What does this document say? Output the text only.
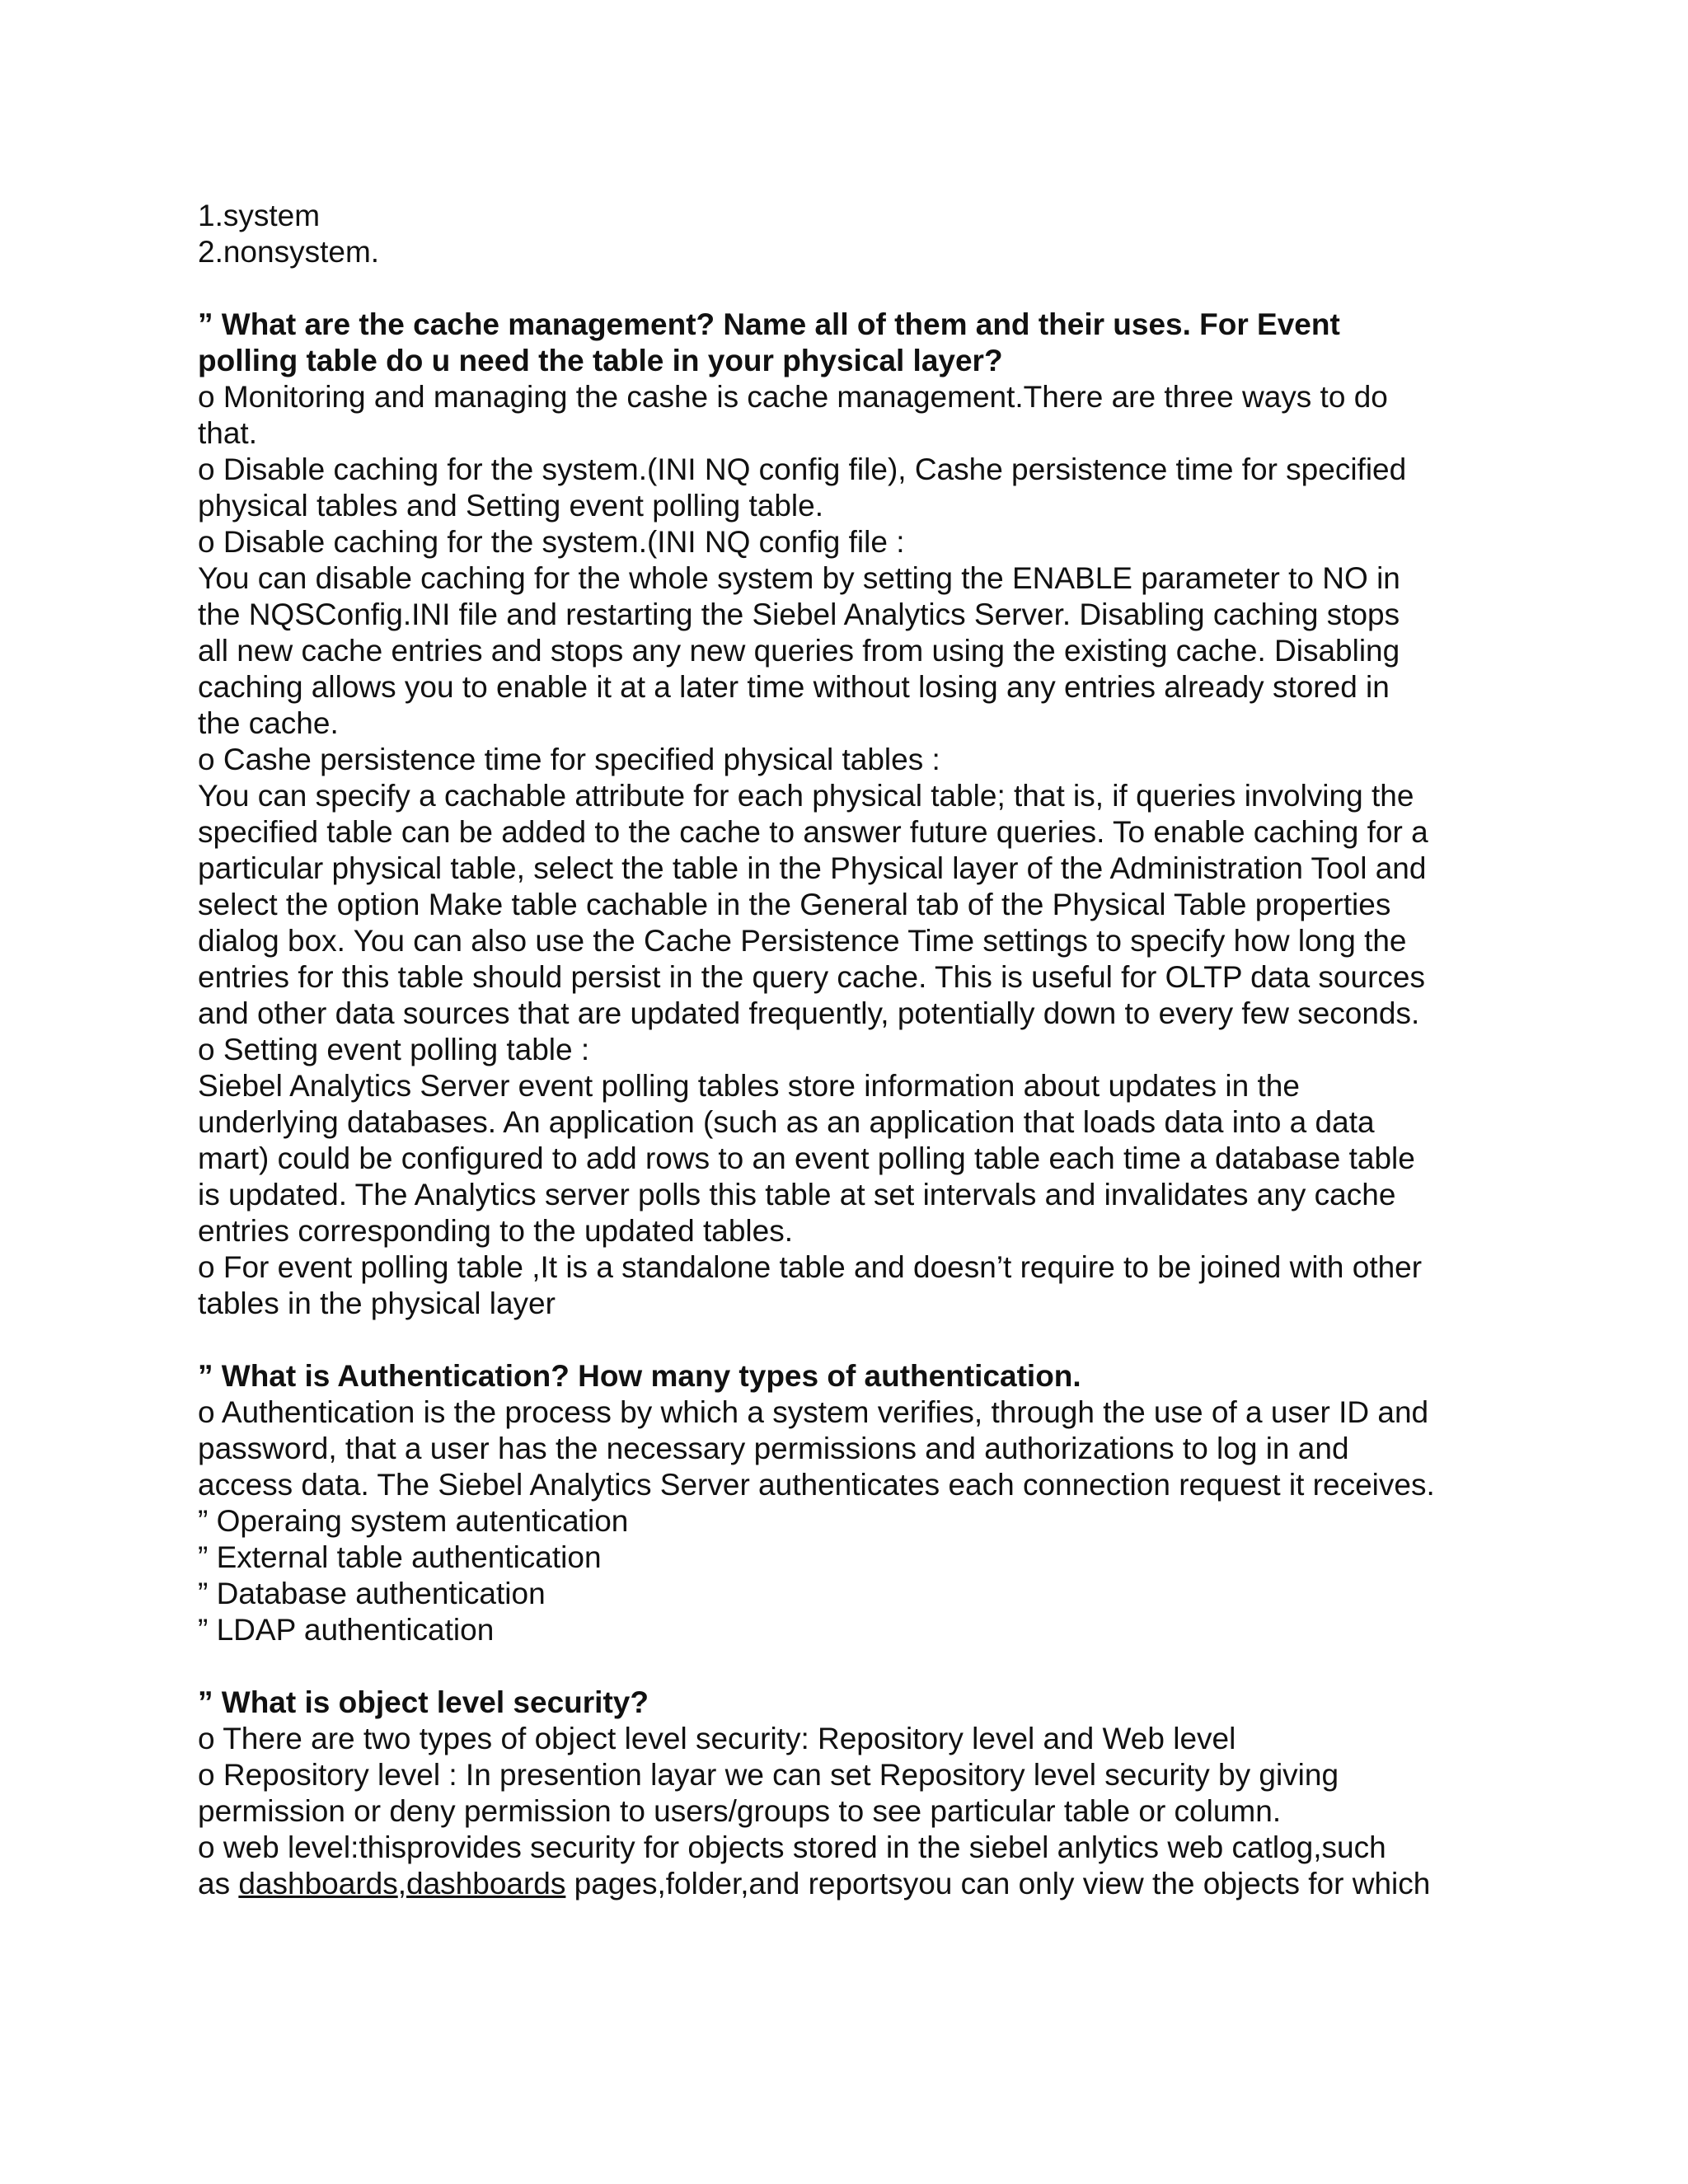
1.system
2.nonsystem.
” What are the cache management? Name all of them and their uses. For Event
polling table do u need the table in your physical layer?
o Monitoring and managing the cashe is cache management.There are three ways to do
that.
o Disable caching for the system.(INI NQ config file), Cashe persistence time for specified
physical tables and Setting event polling table.
o Disable caching for the system.(INI NQ config file :
You can disable caching for the whole system by setting the ENABLE parameter to NO in
the NQSConfig.INI file and restarting the Siebel Analytics Server. Disabling caching stops
all new cache entries and stops any new queries from using the existing cache. Disabling
caching allows you to enable it at a later time without losing any entries already stored in
the cache.
o Cashe persistence time for specified physical tables :
You can specify a cachable attribute for each physical table; that is, if queries involving the
specified table can be added to the cache to answer future queries. To enable caching for a
particular physical table, select the table in the Physical layer of the Administration Tool and
select the option Make table cachable in the General tab of the Physical Table properties
dialog box. You can also use the Cache Persistence Time settings to specify how long the
entries for this table should persist in the query cache. This is useful for OLTP data sources
and other data sources that are updated frequently, potentially down to every few seconds.
o Setting event polling table :
Siebel Analytics Server event polling tables store information about updates in the
underlying databases. An application (such as an application that loads data into a data
mart) could be configured to add rows to an event polling table each time a database table
is updated. The Analytics server polls this table at set intervals and invalidates any cache
entries corresponding to the updated tables.
o For event polling table ,It is a standalone table and doesn’t require to be joined with other
tables in the physical layer
” What is Authentication? How many types of authentication.
o Authentication is the process by which a system verifies, through the use of a user ID and
password, that a user has the necessary permissions and authorizations to log in and
access data. The Siebel Analytics Server authenticates each connection request it receives.
” Operaing system autentication
” External table authentication
” Database authentication
” LDAP authentication
” What is object level security?
o There are two types of object level security: Repository level and Web level
o Repository level : In presention layar we can set Repository level security by giving
permission or deny permission to users/groups to see particular table or column.
o web level:thisprovides security for objects stored in the siebel anlytics web catlog,such
as dashboards,dashboards pages,folder,and reportsyou can only view the objects for which
